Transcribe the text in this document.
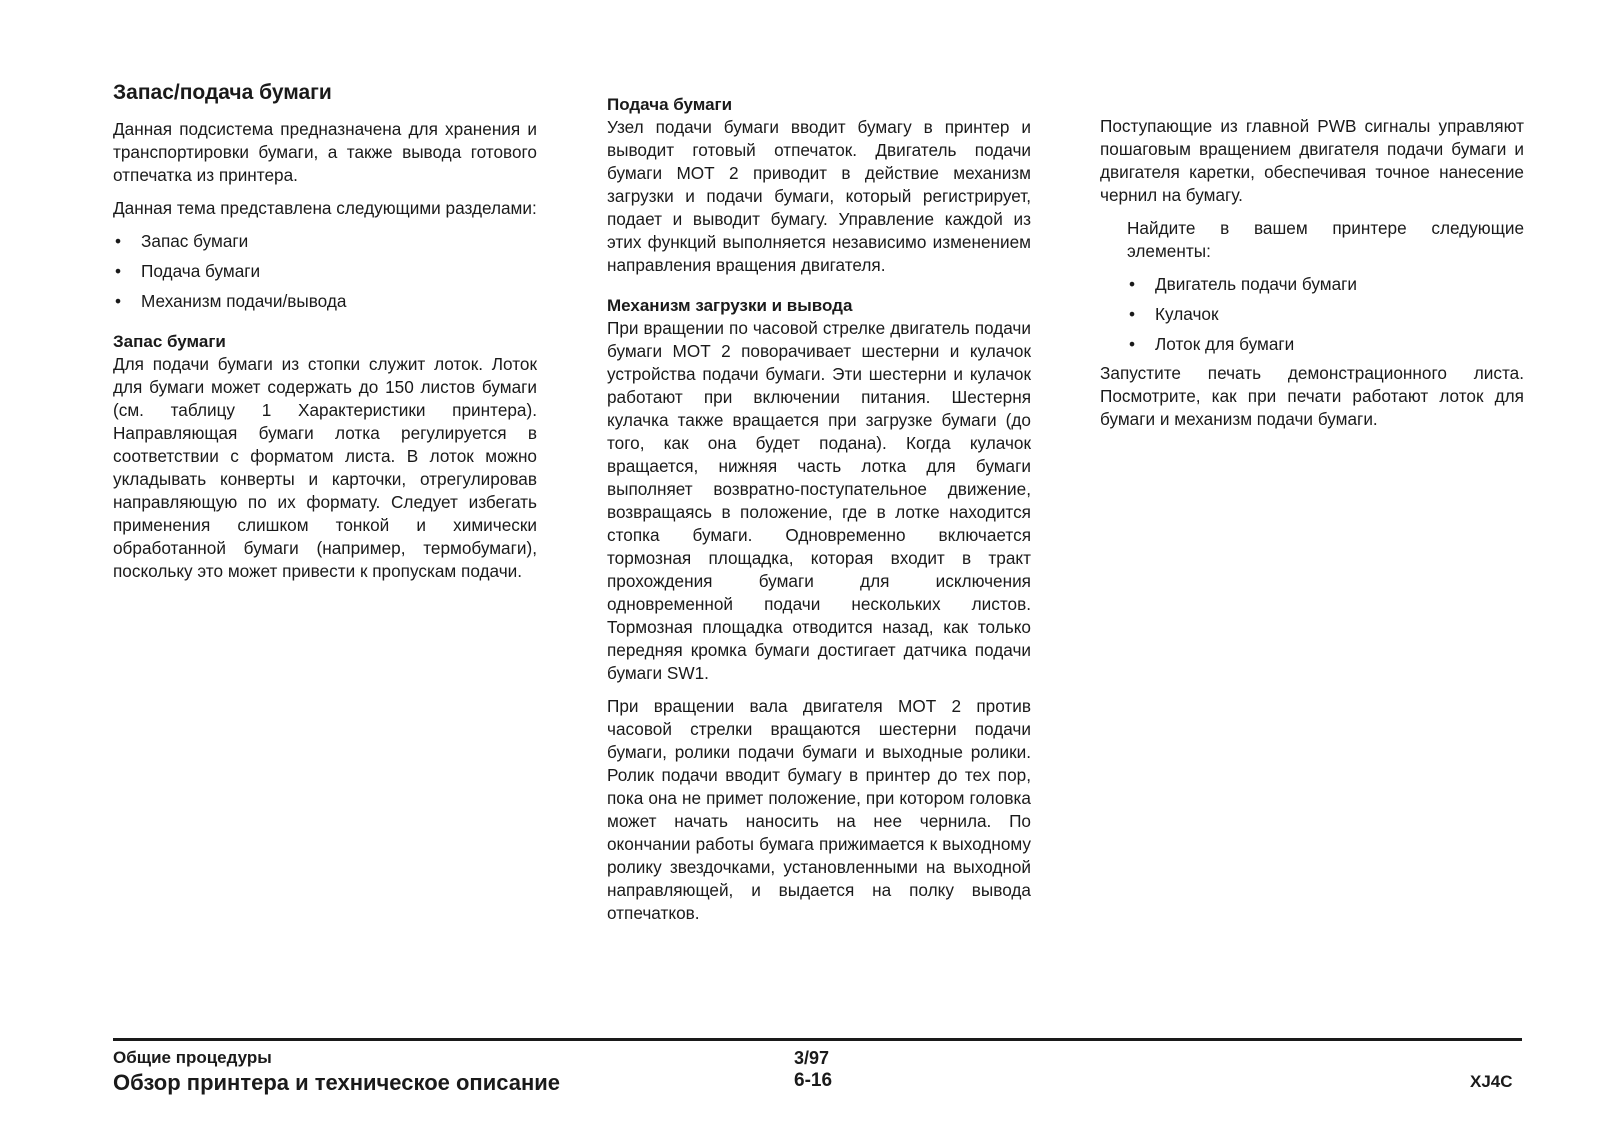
Запас/подача бумаги

Данная подсистема предназначена для хранения и транспортировки бумаги, а также вывода готового отпечатка из принтера.

Данная тема представлена следующими разделами:

• Запас бумаги
• Подача бумаги
• Механизм подачи/вывода
Запас бумаги

Для подачи бумаги из стопки служит лоток. Лоток для бумаги может содержать до 150 листов бумаги (см. таблицу 1 Характеристики принтера). Направляющая бумаги лотка регулируется в соответствии с форматом листа. В лоток можно укладывать конверты и карточки, отрегулировав направляющую по их формату. Следует избегать применения слишком тонкой и химически обработанной бумаги (например, термобумаги), поскольку это может привести к пропускам подачи.

Подача бумаги

Узел подачи бумаги вводит бумагу в принтер и выводит готовый отпечаток. Двигатель подачи бумаги МОТ 2 приводит в действие механизм загрузки и подачи бумаги, который регистрирует, подает и выводит бумагу. Управление каждой из этих функций выполняется независимо изменением направления вращения двигателя.

Механизм загрузки и вывода

При вращении по часовой стрелке двигатель подачи бумаги МОТ 2 поворачивает шестерни и кулачок устройства подачи бумаги. Эти шестерни и кулачок работают при включении питания. Шестерня кулачка также вращается при загрузке бумаги (до того, как она будет подана). Когда кулачок вращается, нижняя часть лотка для бумаги выполняет возвратно-поступательное движение, возвращаясь в положение, где в лотке находится стопка бумаги. Одновременно включается тормозная площадка, которая входит в тракт прохождения бумаги для исключения одновременной подачи нескольких листов. Тормозная площадка отводится назад, как только передняя кромка бумаги достигает датчика подачи бумаги SW1.

При вращении вала двигателя МОТ 2 против часовой стрелки вращаются шестерни подачи бумаги, ролики подачи бумаги и выходные ролики. Ролик подачи вводит бумагу в принтер до тех пор, пока она не примет положение, при котором головка может начать наносить на нее чернила. По окончании работы бумага прижимается к выходному ролику звездочками, установленными на выходной направляющей, и выдается на полку вывода отпечатков.

Поступающие из главной PWB сигналы управляют пошаговым вращением двигателя подачи бумаги и двигателя каретки, обеспечивая точное нанесение чернил на бумагу.

Найдите в вашем принтере следующие элементы:

• Двигатель подачи бумаги
• Кулачок
• Лоток для бумаги

Запустите печать демонстрационного листа. Посмотрите, как при печати работают лоток для бумаги и механизм подачи бумаги.

Общие процедуры
Обзор принтера и техническое описание
3/97
6-16	XJ4C
